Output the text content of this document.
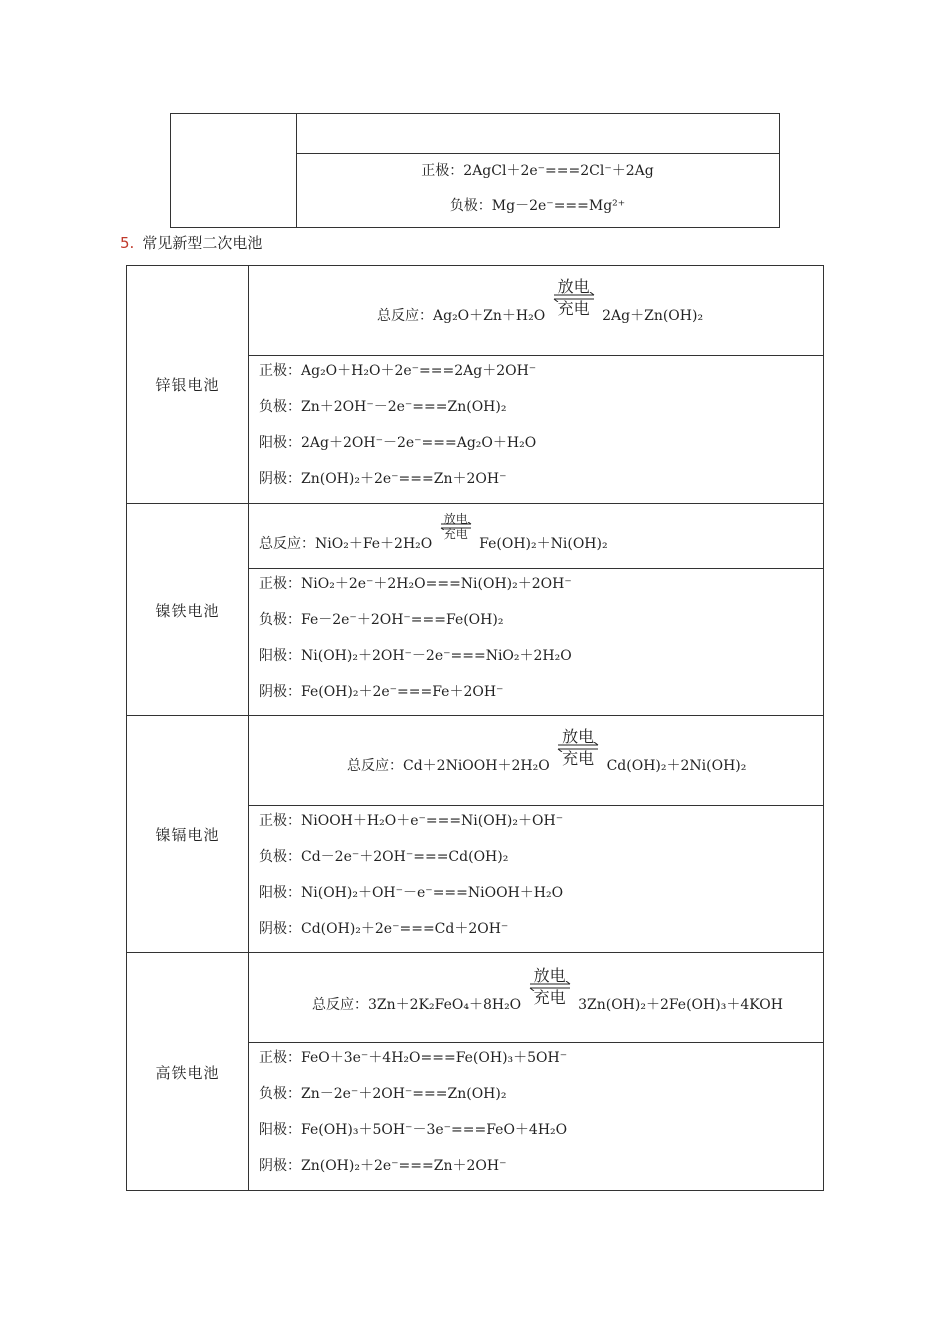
正极：2AgCl＋2e⁻===2Cl⁻＋2Ag
负极：Mg－2e⁻===Mg²⁺
5. 常见新型二次电池
锌银电池
总反应：Ag₂O＋Zn＋H₂O
放电
充电 2Ag＋Zn(OH)₂
正极：Ag₂O＋H₂O＋2e⁻===2Ag＋2OH⁻
负极：Zn＋2OH⁻－2e⁻===Zn(OH)₂
阳极：2Ag＋2OH⁻－2e⁻===Ag₂O＋H₂O
阴极：Zn(OH)₂＋2e⁻===Zn＋2OH⁻
镍铁电池
总反应：NiO₂＋Fe＋2H₂O
放电
充电
Fe(OH)₂＋Ni(OH)₂
正极：NiO₂＋2e⁻＋2H₂O===Ni(OH)₂＋2OH⁻
负极：Fe－2e⁻＋2OH⁻===Fe(OH)₂
阳极：Ni(OH)₂＋2OH⁻－2e⁻===NiO₂＋2H₂O
阴极：Fe(OH)₂＋2e⁻===Fe＋2OH⁻
镍镉电池
总反应：Cd＋2NiOOH＋2H₂O
放电
充电 Cd(OH)₂＋2Ni(OH)₂
正极：NiOOH＋H₂O＋e⁻===Ni(OH)₂＋OH⁻
负极：Cd－2e⁻＋2OH⁻===Cd(OH)₂
阳极：Ni(OH)₂＋OH⁻－e⁻===NiOOH＋H₂O
阴极：Cd(OH)₂＋2e⁻===Cd＋2OH⁻
高铁电池
总反应：3Zn＋2K₂FeO₄＋8H₂O
放电
充电 3Zn(OH)₂＋2Fe(OH)₃＋4KOH
正极：FeO＋3e⁻＋4H₂O===Fe(OH)₃＋5OH⁻
负极：Zn－2e⁻＋2OH⁻===Zn(OH)₂
阳极：Fe(OH)₃＋5OH⁻－3e⁻===FeO＋4H₂O
阴极：Zn(OH)₂＋2e⁻===Zn＋2OH⁻
